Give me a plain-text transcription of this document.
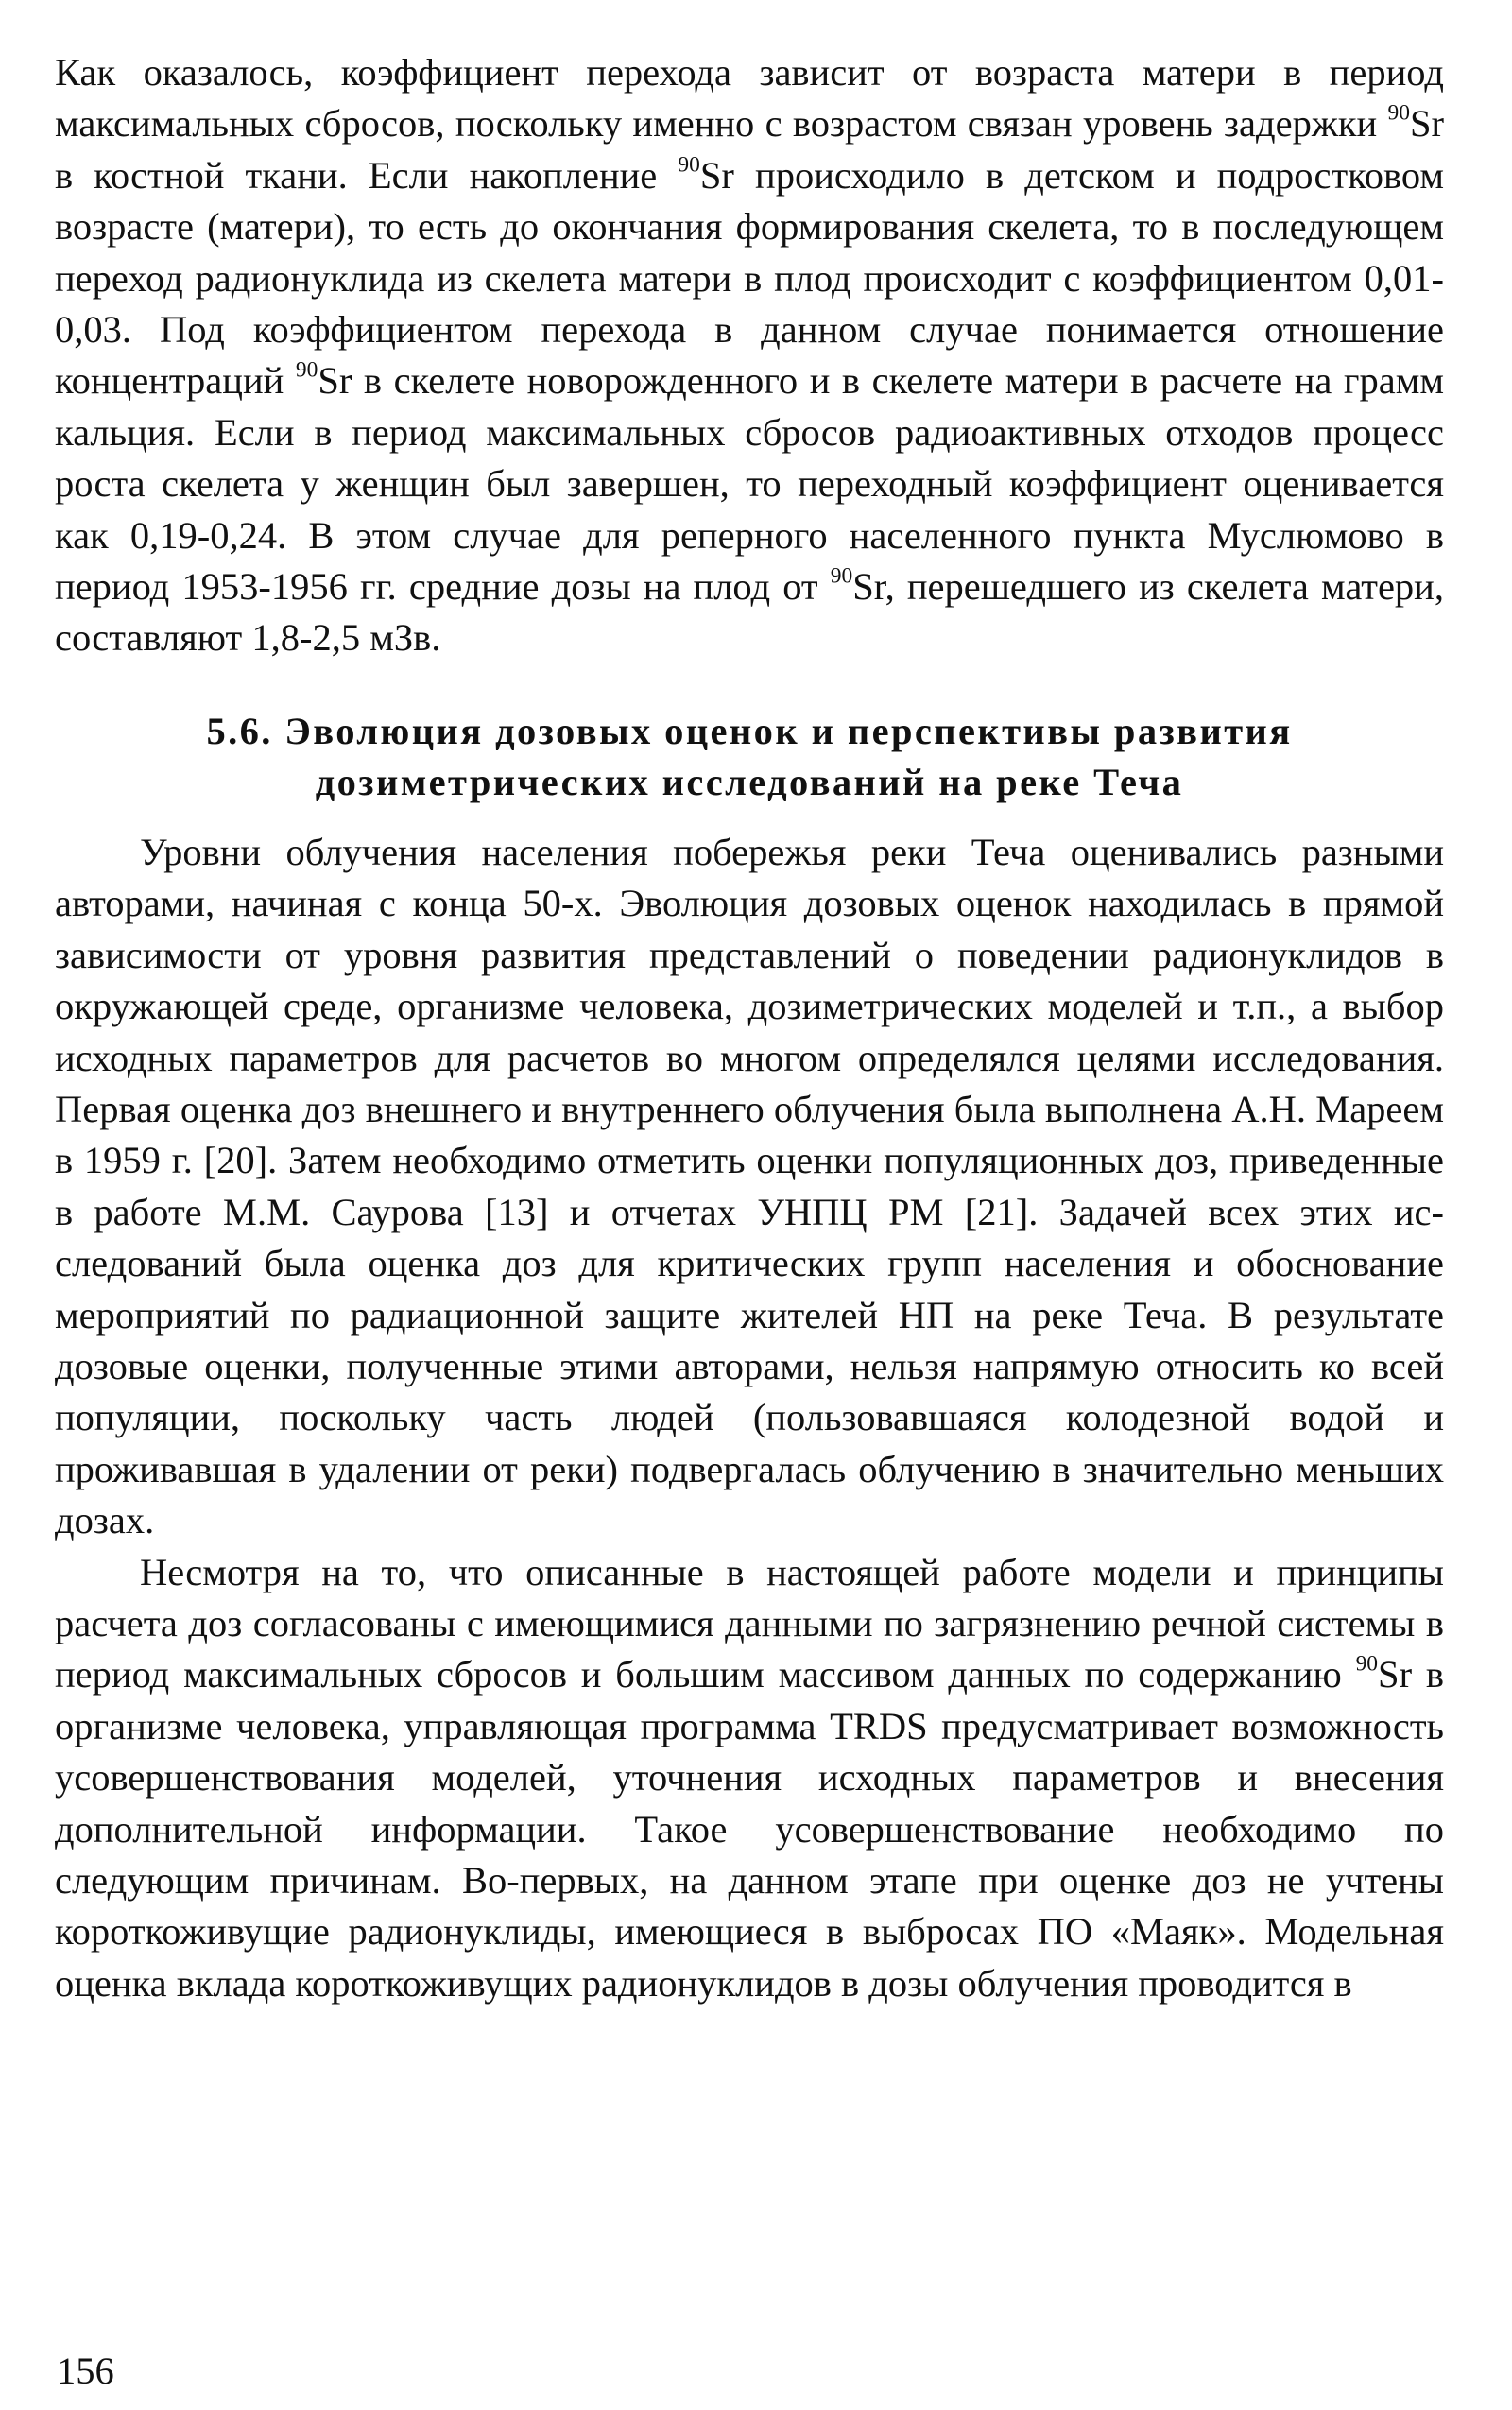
Как оказалось, коэффициент перехода зависит от возраста матери в период максимальных сбросов, поскольку именно с возрастом связан уровень задержки $^{90}$Sr в костной ткани. Если накопление $^{90}$Sr происходило в детском и подростковом возрасте (матери), то есть до окончания формирования скелета, то в последующем переход радионуклида из скелета матери в плод происходит с коэффициентом 0,01-0,03. Под коэффициентом перехода в данном случае понимается отношение концентраций $^{90}$Sr в скелете новорожденного и в скелете матери в расчете на грамм кальция. Если в период максимальных сбросов радиоактивных отходов процесс роста скелета у женщин был завершен, то переходный коэффициент оценивается как 0,19-0,24. В этом случае для реперного населенного пункта Муслюмово в период 1953-1956 гг. средние дозы на плод от $^{90}$Sr, перешедшего из скелета матери, составляют 1,8-2,5 мЗв.

5.6. Эволюция дозовых оценок и перспективы развития
дозиметрических исследований на реке Теча

Уровни облучения населения побережья реки Теча оценивались разными авторами, начиная с конца 50-х. Эволюция дозовых оценок находилась в прямой зависимости от уровня развития представлений о поведении радионуклидов в окружающей среде, организме человека, дозиметрических моделей и т.п., а выбор исходных параметров для расчетов во многом определялся целями исследования. Первая оценка доз внешнего и внутреннего облучения была выполнена А.Н. Мареем в 1959 г. [20]. Затем необходимо отметить оценки популяционных доз, приведенные в работе М.М. Саурова [13] и отчетах УНПЦ РМ [21]. Задачей всех этих исследований была оценка доз для критических групп населения и обоснование мероприятий по радиационной защите жителей НП на реке Теча. В результате дозовые оценки, полученные этими авторами, нельзя напрямую относить ко всей популяции, поскольку часть людей (пользовавшаяся колодезной водой и проживавшая в удалении от реки) подвергалась облучению в значительно меньших дозах.

Несмотря на то, что описанные в настоящей работе модели и принципы расчета доз согласованы с имеющимися данными по загрязнению речной системы в период максимальных сбросов и большим массивом данных по содержанию $^{90}$Sr в организме человека, управляющая программа TRDS предусматривает возможность усовершенствования моделей, уточнения исходных параметров и внесения дополнительной информации. Такое усовершенствование необходимо по следующим причинам. Во-первых, на данном этапе при оценке доз не учтены короткоживущие радионуклиды, имеющиеся в выбросах ПО «Маяк». Модельная оценка вклада короткоживущих радионуклидов в дозы облучения проводится в

156
